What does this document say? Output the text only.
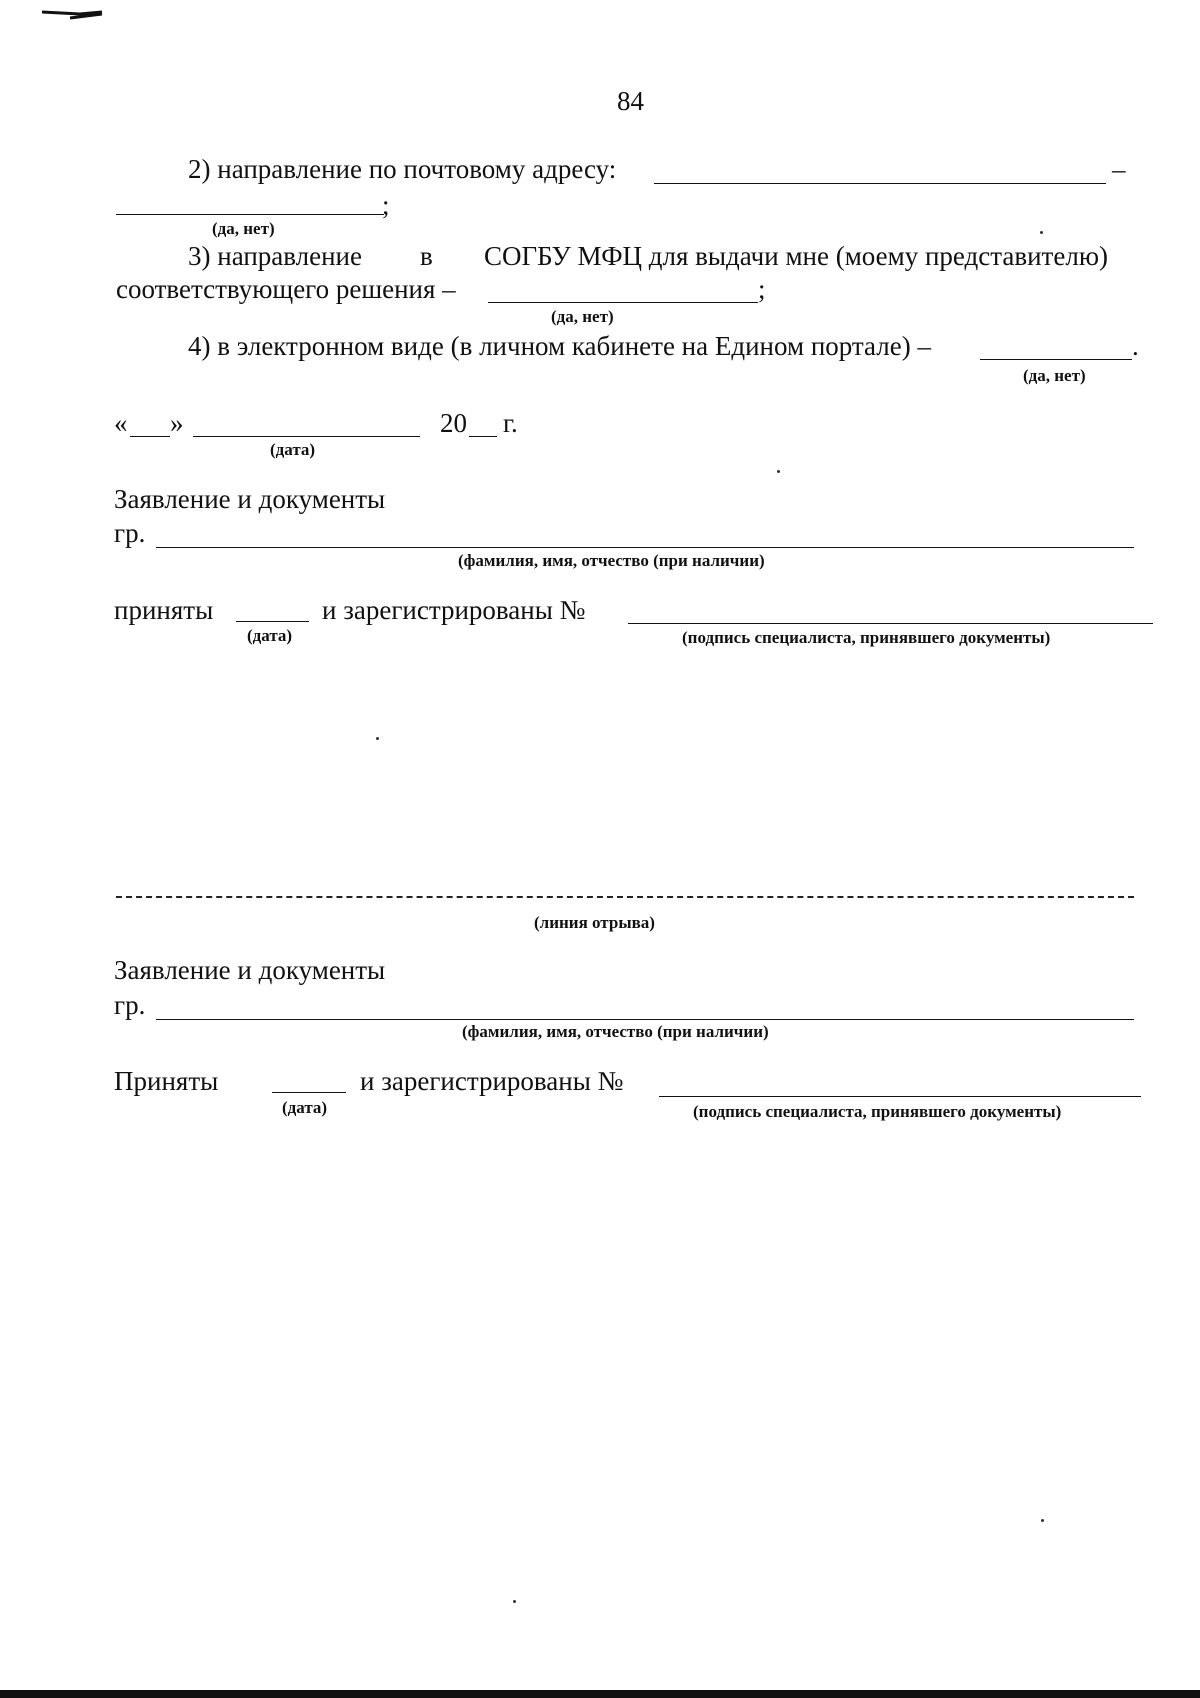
84
2) направление по почтовому адресу:	–
;
(да, нет)
3) направление в СОГБУ МФЦ для выдачи мне (моему представителю)
соответствующего решения –	;
(да, нет)
4) в электронном виде (в личном кабинете на Едином портале) –	.
(да, нет)
« »	20 г.
(дата)
Заявление и документы
гр.
(фамилия, имя, отчество (при наличии)
приняты
(дата)
и зарегистрированы №
(подпись специалиста, принявшего документы)
(линия отрыва)
Заявление и документы
гр.
(фамилия, имя, отчество (при наличии)
Приняты
(дата)
и зарегистрированы №
(подпись специалиста, принявшего документы)
